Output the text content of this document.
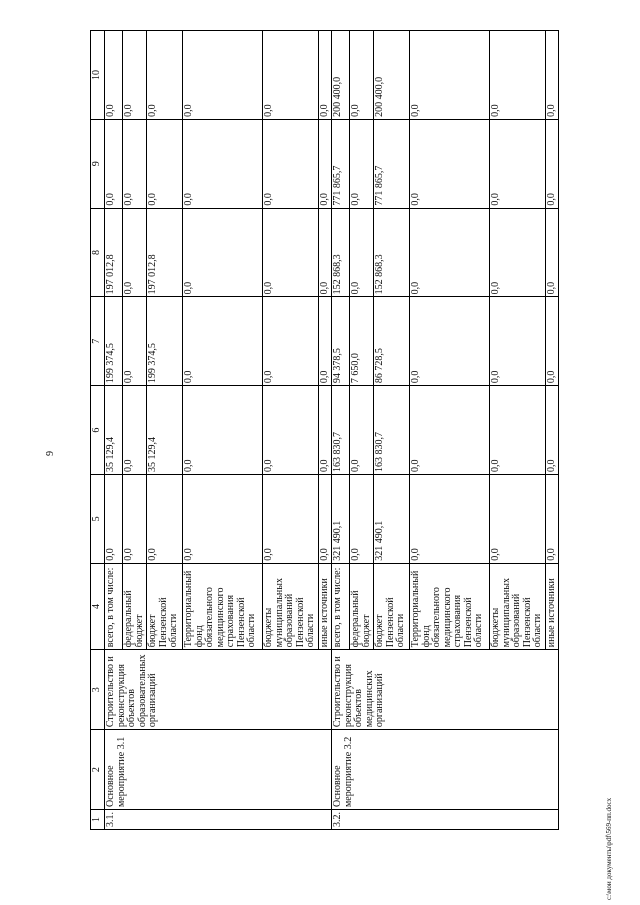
9
1	2	3	4	5	6	7	8	9	10
3.1.	Основное мероприятие 3.1	Строительство и реконструкция объектов образовательных организаций	всего, в том числе:	0,0	35 129,4	199 374,5	197 012,8	0,0	0,0
			федеральный бюджет	0,0	0,0	0,0	0,0	0,0	0,0
			бюджет Пензенской области	0,0	35 129,4	199 374,5	197 012,8	0,0	0,0
			Территориальный фонд обязательного медицинского страхования Пензенской области	0,0	0,0	0,0	0,0	0,0	0,0
			бюджеты муниципальных образований Пензенской области	0,0	0,0	0,0	0,0	0,0	0,0
			иные источники	0,0	0,0	0,0	0,0	0,0	0,0
3.2.	Основное мероприятие 3.2	Строительство и реконструкция объектов медицинских организаций	всего, в том числе:	321 490,1	163 830,7	94 378,5	152 868,3	771 865,7	200 400,0
			федеральный бюджет	0,0	0,0	7 650,0	0,0	0,0	0,0
			бюджет Пензенской области	321 490,1	163 830,7	86 728,5	152 868,3	771 865,7	200 400,0
			Территориальный фонд обязательного медицинского страхования Пензенской области	0,0	0,0	0,0	0,0	0,0	0,0
			бюджеты муниципальных образований Пензенской области	0,0	0,0	0,0	0,0	0,0	0,0
			иные источники	0,0	0,0	0,0	0,0	0,0	0,0
c:\мои документы\pdf\569-пп.docx
